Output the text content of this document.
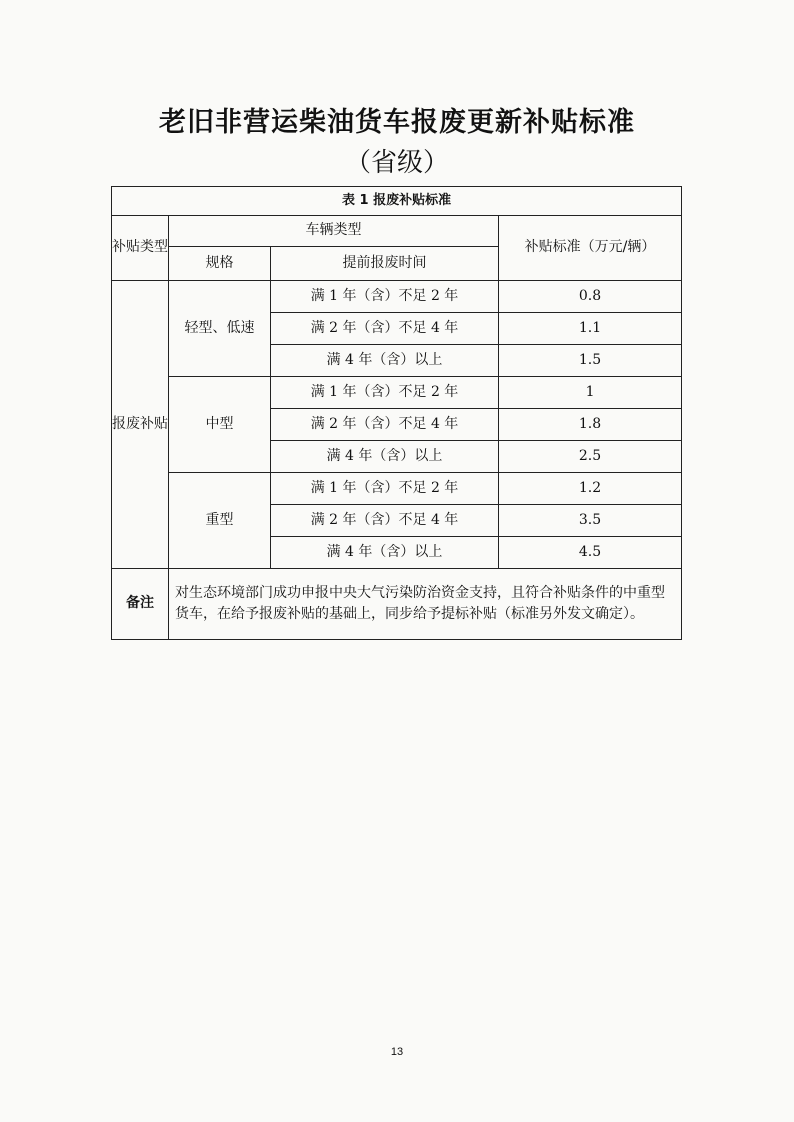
老旧非营运柴油货车报废更新补贴标准
（省级）
表 1 报废补贴标准			
补贴类型	车辆类型		补贴标准（万元/辆）
	规格	提前报废时间	
报废补贴	轻型、低速	满 1 年（含）不足 2 年	0.8
		满 2 年（含）不足 4 年	1.1
		满 4 年（含）以上	1.5
	中型	满 1 年（含）不足 2 年	1
		满 2 年（含）不足 4 年	1.8
		满 4 年（含）以上	2.5
	重型	满 1 年（含）不足 2 年	1.2
		满 2 年（含）不足 4 年	3.5
		满 4 年（含）以上	4.5
备注	对生态环境部门成功申报中央大气污染防治资金支持，且符合补贴条件的中重型货车，在给予报废补贴的基础上，同步给予提标补贴（标准另外发文确定）。		
13
